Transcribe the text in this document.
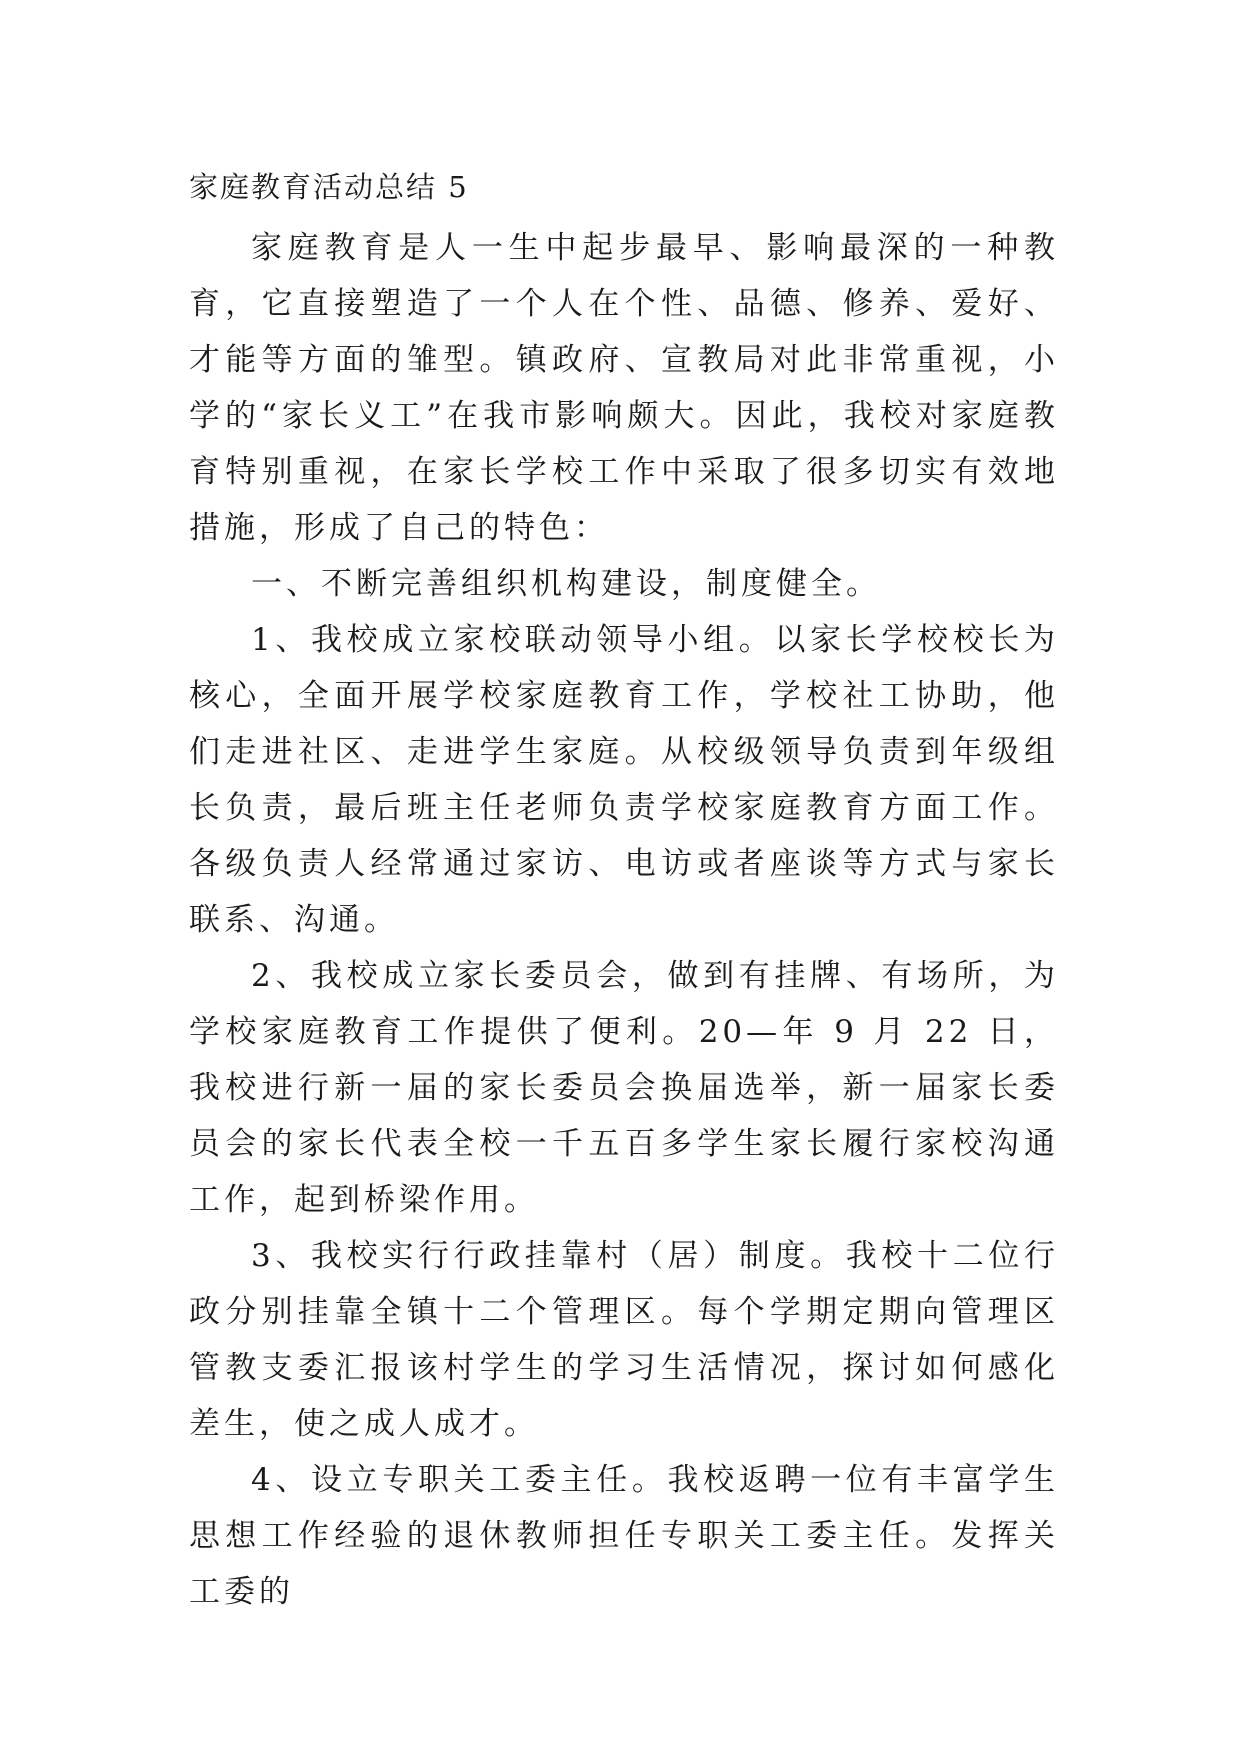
家庭教育活动总结 5

家庭教育是人一生中起步最早、影响最深的一种教育，它直接塑造了一个人在个性、品德、修养、爱好、才能等方面的雏型。镇政府、宣教局对此非常重视，小学的“家长义工”在我市影响颇大。因此，我校对家庭教育特别重视，在家长学校工作中采取了很多切实有效地措施，形成了自己的特色：

一、不断完善组织机构建设，制度健全。

1、我校成立家校联动领导小组。以家长学校校长为核心，全面开展学校家庭教育工作，学校社工协助，他们走进社区、走进学生家庭。从校级领导负责到年级组长负责，最后班主任老师负责学校家庭教育方面工作。各级负责人经常通过家访、电访或者座谈等方式与家长联系、沟通。

2、我校成立家长委员会，做到有挂牌、有场所，为学校家庭教育工作提供了便利。20—年 9 月 22 日，我校进行新一届的家长委员会换届选举，新一届家长委员会的家长代表全校一千五百多学生家长履行家校沟通工作，起到桥梁作用。

3、我校实行行政挂靠村（居）制度。我校十二位行政分别挂靠全镇十二个管理区。每个学期定期向管理区管教支委汇报该村学生的学习生活情况，探讨如何感化差生，使之成人成才。

4、设立专职关工委主任。我校返聘一位有丰富学生思想工作经验的退休教师担任专职关工委主任。发挥关工委的
